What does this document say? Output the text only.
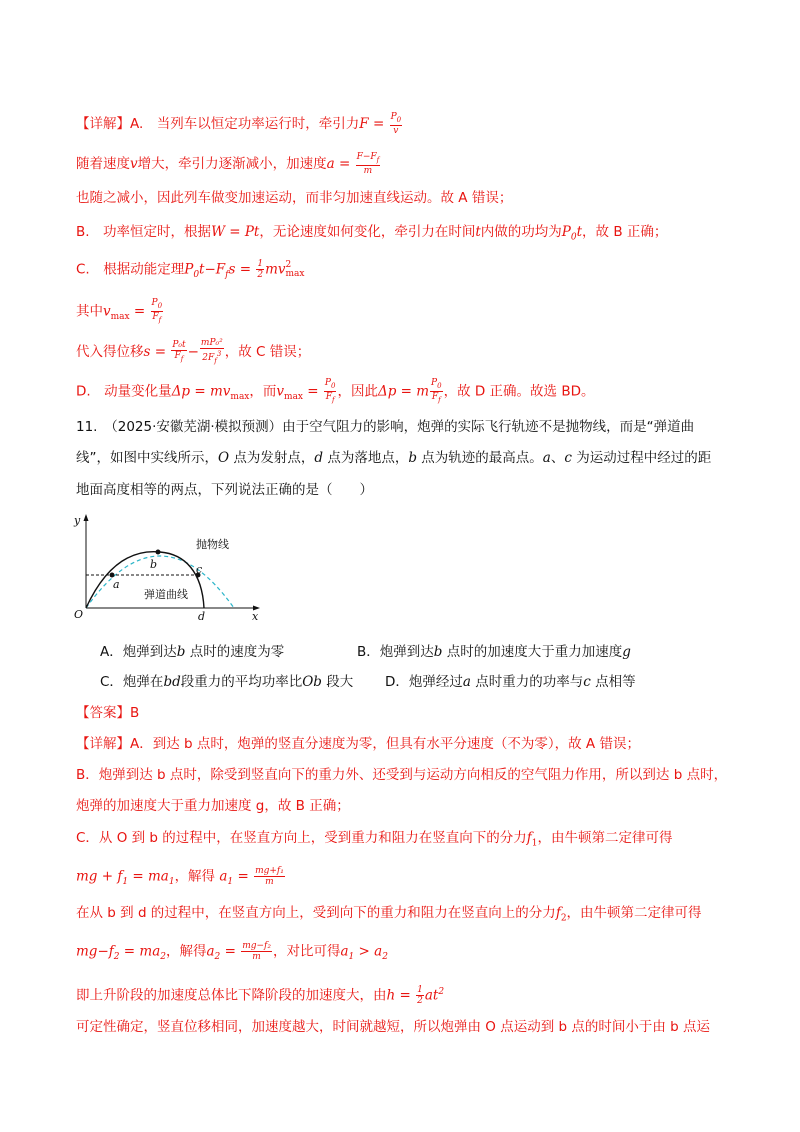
【详解】A.　当列车以恒定功率运行时，牵引力$F = \frac{P_0}{v}$
随着速度v增大，牵引力逐渐减小，加速度$a = \frac{F-F_f}{m}$
也随之减小，因此列车做变加速运动，而非匀加速直线运动。故 A 错误；
B.　功率恒定时，根据W = Pt，无论速度如何变化，牵引力在时间t内做的功均为$P_0t$，故 B 正确；
C.　根据动能定理$P_0t-F_fs = \frac{1}{2}$ mv 2
max
其中$v_{max} = \frac{P_0}{F_f}$
代入得位移$s = \frac{\text{P₀t}}{F_f} - \frac{\text{mP₀²}}{2F_f^3}$ ，故 C 错误；
D.　动量变化量$\Delta p = mv_{max}$，而$v_{max} = \frac{P_0}{F_f}$ ，因此Δp = m $\frac{P_0}{F_f}$ ，故 D 正确。故选 BD。
11.  （2025·安徽芜湖·模拟预测）由于空气阻力的影响，炮弹的实际飞行轨迹不是抛物线，而是“弹道曲
线”，如图中实线所示，O 点为发射点，d 点为落地点，b 点为轨迹的最高点。a、c 为运动过程中经过的距
地面高度相等的两点，下列说法正确的是（　　）
y
x
O
a
b	c
d
抛物线
弹道曲线
A．炮弹到达b 点时的速度为零	B．炮弹到达b 点时的加速度大于重力加速度g
C．炮弹在bd段重力的平均功率比Ob 段大 D．炮弹经过a 点时重力的功率与c 点相等
【答案】B
【详解】A．到达 b 点时，炮弹的竖直分速度为零，但具有水平分速度（不为零），故 A 错误；
B．炮弹到达 b 点时，除受到竖直向下的重力外、还受到与运动方向相反的空气阻力作用，所以到达 b 点时，
炮弹的加速度大于重力加速度 g，故 B 正确；
C．从 O 到 b 的过程中，在竖直方向上，受到重力和阻力在竖直向下的分力$f_1$，由牛顿第二定律可得
mg + $f_1 = ma_1$，解得 $a_1 = \frac{\text{mg+f₁}}{m}$
在从 b 到 d 的过程中，在竖直方向上，受到向下的重力和阻力在竖直向上的分力$f_2$，由牛顿第二定律可得
$mg-f_2 = ma_2$，解得$a_2 = \frac{\text{mg−f₂}}{m}$ ，对比可得$a_1 > a_2$
即上升阶段的加速度总体比下降阶段的加速度大，由$h = \frac{1}{2} at^2$
可定性确定，竖直位移相同，加速度越大，时间就越短，所以炮弹由 O 点运动到 b 点的时间小于由 b 点运
